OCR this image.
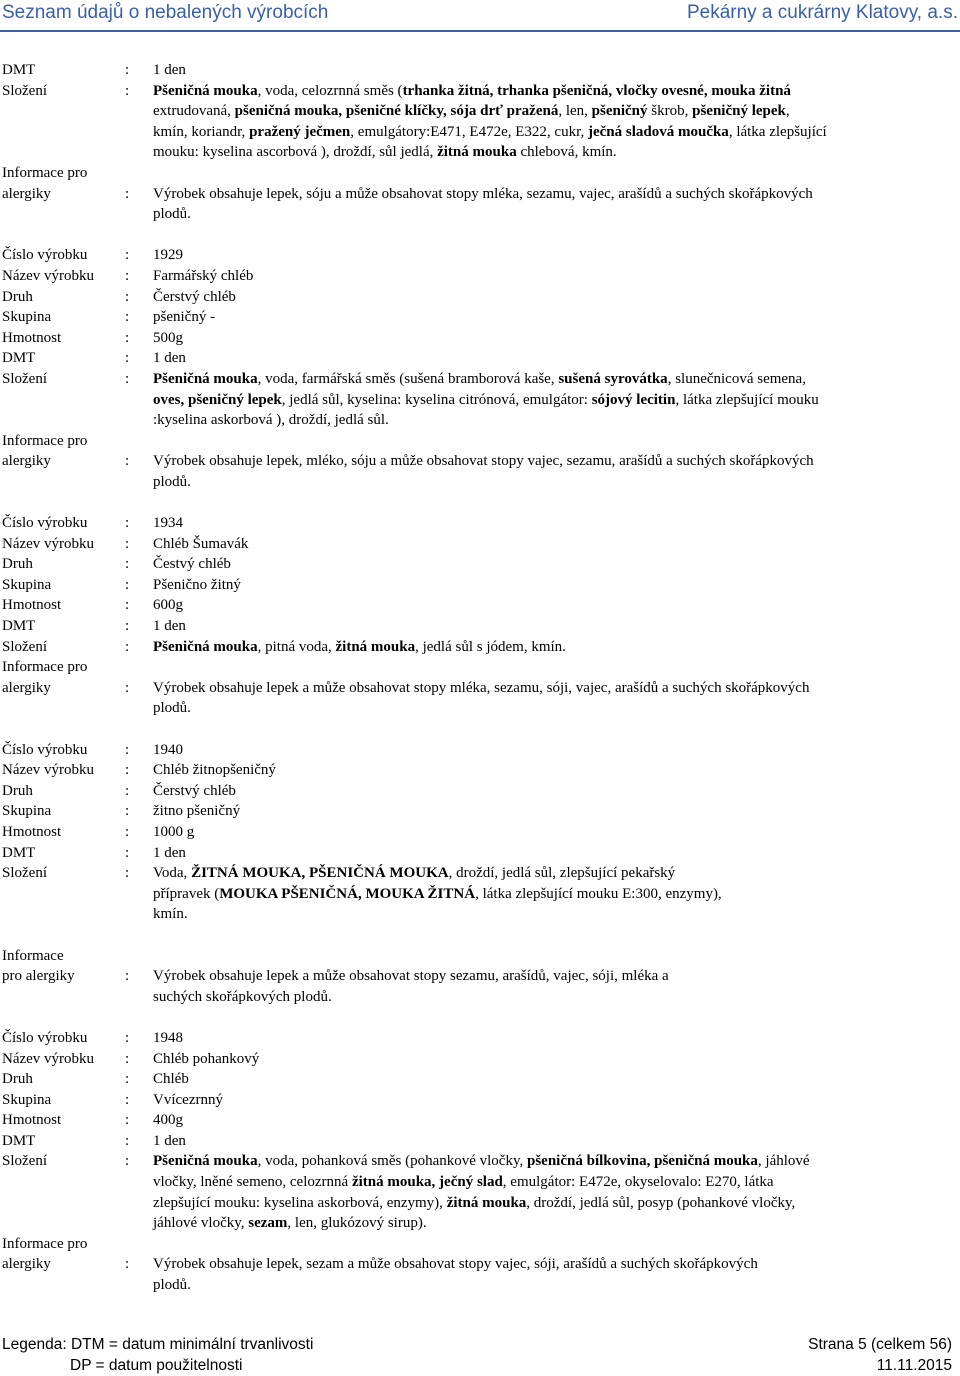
Seznam údajů o nebalených výrobcích	Pekárny a cukrárny Klatovy, a.s.
DMT	:	1 den
Složení	:	Pšeničná mouka, voda, celozrnná směs (trhanka žitná, trhanka pšeničná, vločky ovesné, mouka žitná
extrudovaná, pšeničná mouka, pšeničné klíčky, sója drť pražená, len, pšeničný škrob, pšeničný lepek,
kmín, koriandr, pražený ječmen, emulgátory:E471, E472e, E322, cukr, ječná sladová moučka, látka zlepšující
mouku: kyselina ascorbová ), droždí, sůl jedlá, žitná mouka chlebová, kmín.
Informace pro
alergiky	:	Výrobek obsahuje lepek, sóju a může obsahovat stopy mléka, sezamu, vajec, arašídů a suchých skořápkových
plodů.
Číslo výrobku	:	1929
Název výrobku	:	Farmářský chléb
Druh	:	Čerstvý chléb
Skupina	:	pšeničný -
Hmotnost	:	500g
DMT	:	1 den
Složení	:	Pšeničná mouka, voda, farmářská směs (sušená bramborová kaše, sušená syrovátka, slunečnicová semena,
oves, pšeničný lepek, jedlá sůl, kyselina: kyselina citrónová, emulgátor: sójový lecitin, látka zlepšující mouku
:kyselina askorbová ), droždí, jedlá sůl.
Informace pro
alergiky	:	Výrobek obsahuje lepek, mléko, sóju a může obsahovat stopy vajec, sezamu, arašídů a suchých skořápkových
plodů.
Číslo výrobku	:	1934
Název výrobku	:	Chléb Šumavák
Druh	:	Čestvý chléb
Skupina	:	Pšenično žitný
Hmotnost	:	600g
DMT	:	1 den
Složení	:	Pšeničná mouka, pitná voda, žitná mouka, jedlá sůl s jódem, kmín.
Informace pro
alergiky	:	Výrobek obsahuje lepek a může obsahovat stopy mléka, sezamu, sóji, vajec, arašídů a suchých skořápkových
plodů.
Číslo výrobku	:	1940
Název výrobku	:	Chléb žitnopšeničný
Druh	:	Čerstvý chléb
Skupina	:	žitno pšeničný
Hmotnost	:	1000 g
DMT	:	1 den
Složení	:	Voda, ŽITNÁ MOUKA, PŠENIČNÁ MOUKA, droždí, jedlá sůl, zlepšující pekařský
přípravek (MOUKA PŠENIČNÁ, MOUKA ŽITNÁ, látka zlepšující mouku E:300, enzymy),
kmín.
Informace
pro alergiky	:	Výrobek obsahuje lepek a může obsahovat stopy sezamu, arašídů, vajec, sóji, mléka a
suchých skořápkových plodů.
Číslo výrobku	:	1948
Název výrobku	:	Chléb pohankový
Druh	:	Chléb
Skupina	:	Vvícezrnný
Hmotnost	:	400g
DMT	:	1 den
Složení	:	Pšeničná mouka, voda, pohanková směs (pohankové vločky, pšeničná bílkovina, pšeničná mouka, jáhlové
vločky, lněné semeno, celozrnná žitná mouka, ječný slad, emulgátor: E472e, okyselovalo: E270, látka
zlepšující mouku: kyselina askorbová, enzymy), žitná mouka, droždí, jedlá sůl, posyp (pohankové vločky,
jáhlové vločky, sezam, len, glukózový sirup).
Informace pro
alergiky	:	Výrobek obsahuje lepek, sezam a může obsahovat stopy vajec, sóji, arašídů a suchých skořápkových
plodů.
Legenda: DTM = datum minimální trvanlivosti
DP = datum použitelnosti
Strana 5 (celkem 56)
11.11.2015
